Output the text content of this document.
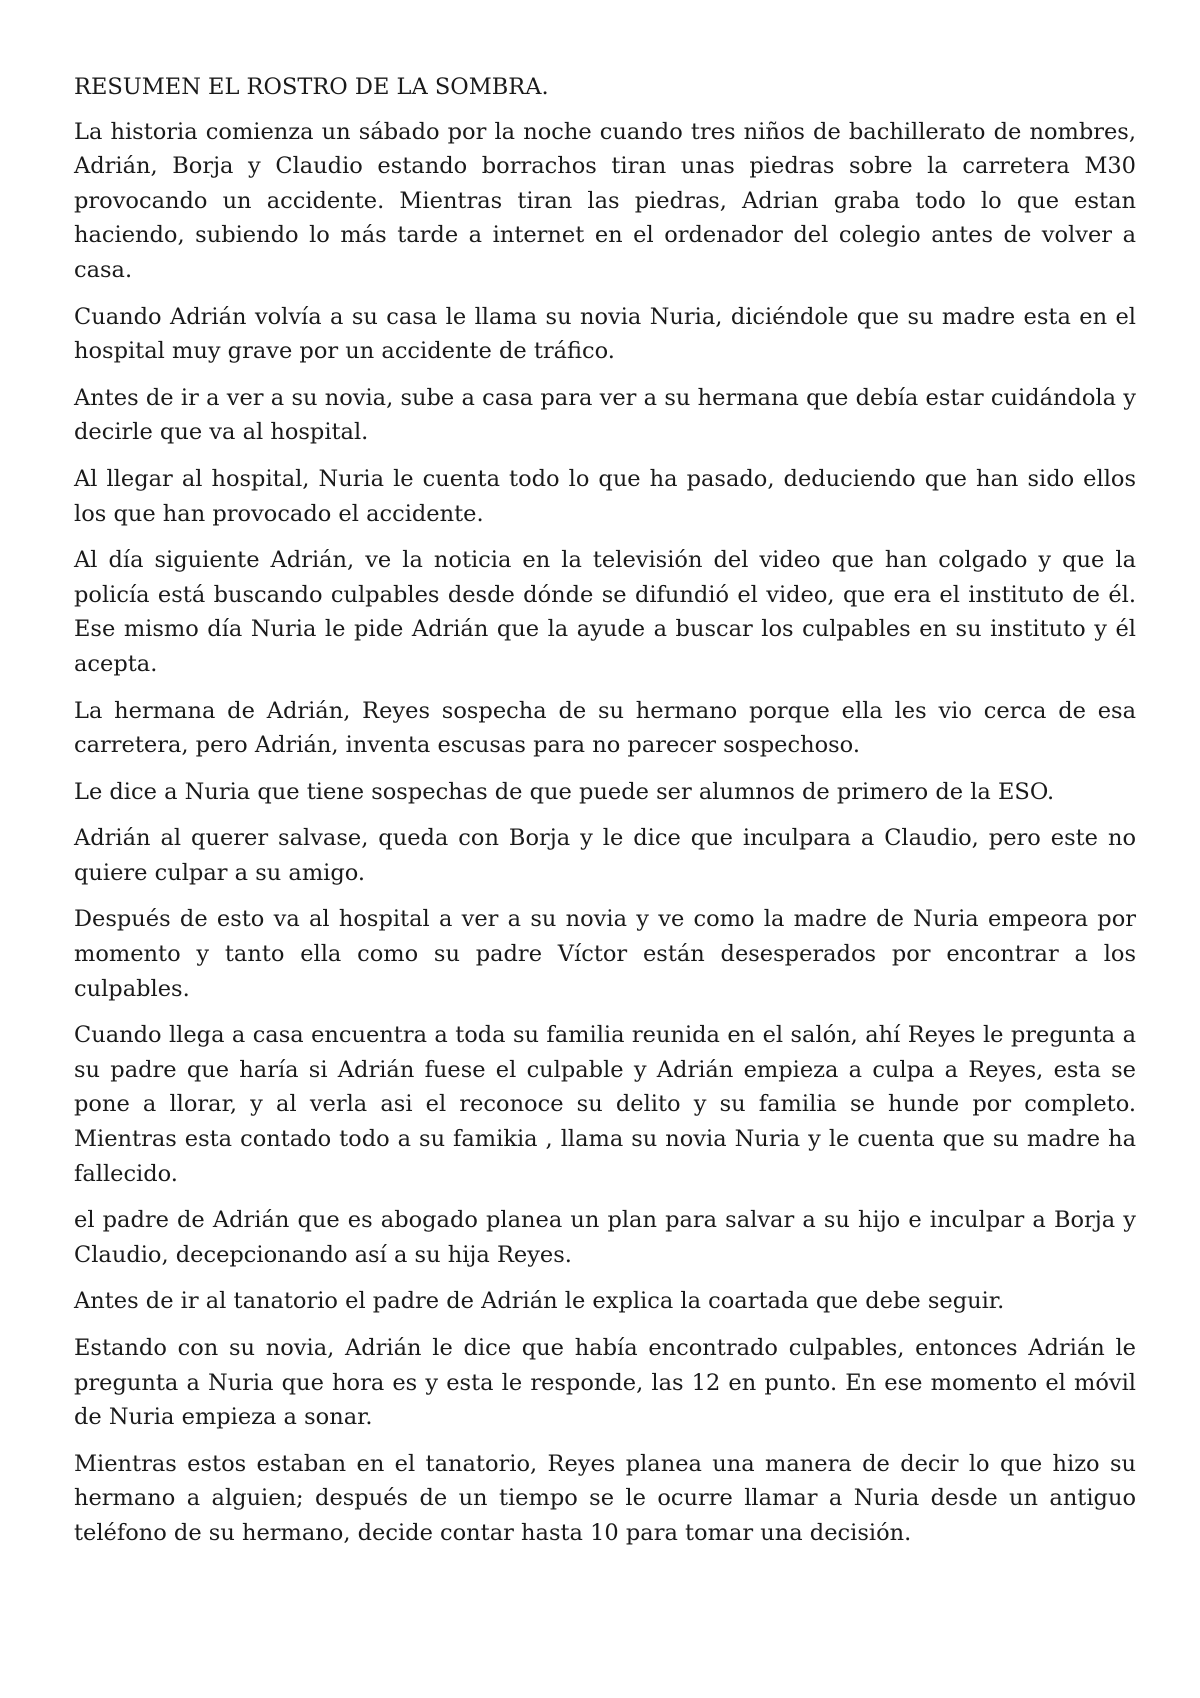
RESUMEN EL ROSTRO DE LA SOMBRA.

La historia comienza un sábado por la noche cuando tres niños de bachillerato de nombres, Adrián, Borja y Claudio estando borrachos tiran unas piedras sobre la carretera M30 provocando un accidente. Mientras tiran las piedras, Adrian graba todo lo que estan haciendo, subiendo lo más tarde a internet en el ordenador del colegio antes de volver a casa.

Cuando Adrián volvía a su casa le llama su novia Nuria, diciéndole que su madre esta en el hospital muy grave por un accidente de tráfico.

Antes de ir a ver a su novia, sube a casa para ver a su hermana que debía estar cuidándola y decirle que va al hospital.

Al llegar al hospital, Nuria le cuenta todo lo que ha pasado, deduciendo que han sido ellos los que han provocado el accidente.

Al día siguiente Adrián, ve la noticia en la televisión del video que han colgado y que la policía está buscando culpables desde dónde se difundió el video, que era el instituto de él. Ese mismo día Nuria le pide Adrián que la ayude a buscar los culpables en su instituto y él acepta.

La hermana de Adrián, Reyes sospecha de su hermano porque ella les vio cerca de esa carretera, pero Adrián, inventa escusas para no parecer sospechoso.

Le dice a Nuria que tiene sospechas de que puede ser alumnos de primero de la ESO.

Adrián al querer salvase, queda con Borja y le dice que inculpara a Claudio, pero este no quiere culpar a su amigo.

Después de esto va al hospital a ver a su novia y ve como la madre de Nuria empeora por momento y tanto ella como su padre Víctor están desesperados por encontrar a los culpables.

Cuando llega a casa encuentra a toda su familia reunida en el salón, ahí Reyes le pregunta a su padre que haría si Adrián fuese el culpable y Adrián empieza a culpa a Reyes, esta se pone a llorar, y al verla asi el reconoce su delito y su familia se hunde por completo. Mientras esta contado todo a su famikia , llama su novia Nuria y le cuenta que su madre ha fallecido.

el padre de Adrián que es abogado planea un plan para salvar a su hijo e inculpar a Borja y Claudio, decepcionando así a su hija Reyes.

Antes de ir al tanatorio el padre de Adrián le explica la coartada que debe seguir.

Estando con su novia, Adrián le dice que había encontrado culpables, entonces Adrián le pregunta a Nuria que hora es y esta le responde, las 12 en punto. En ese momento el móvil de Nuria empieza a sonar.

Mientras estos estaban en el tanatorio, Reyes planea una manera de decir lo que hizo su hermano a alguien; después de un tiempo se le ocurre llamar a Nuria desde un antiguo teléfono de su hermano, decide contar hasta 10 para tomar una decisión.
